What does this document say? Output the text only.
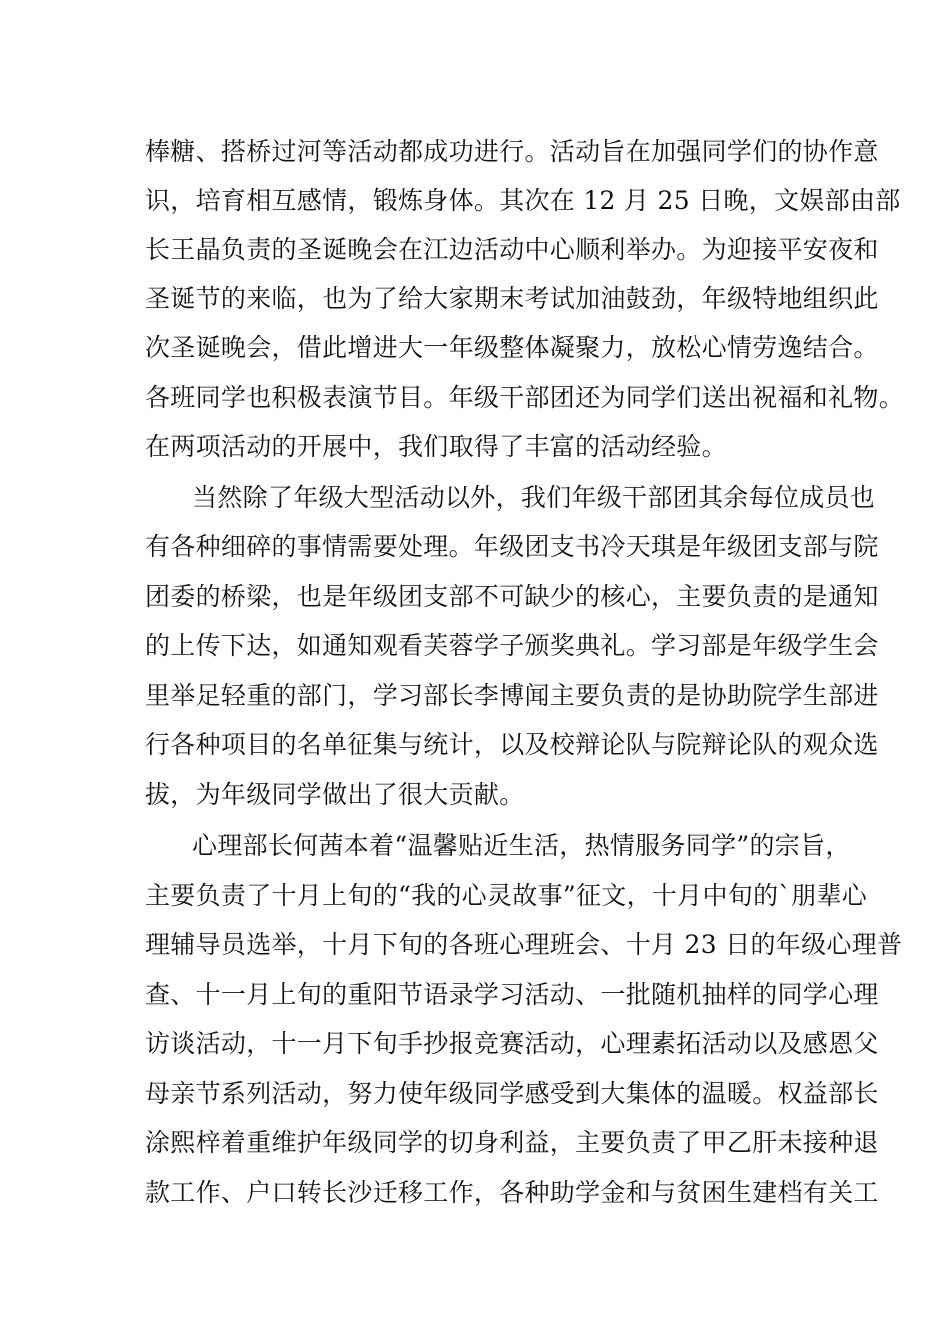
棒糖、搭桥过河等活动都成功进行。活动旨在加强同学们的协作意
识，培育相互感情，锻炼身体。其次在 12 月 25 日晚，文娱部由部
长王晶负责的圣诞晚会在江边活动中心顺利举办。为迎接平安夜和
圣诞节的来临，也为了给大家期末考试加油鼓劲，年级特地组织此
次圣诞晚会，借此增进大一年级整体凝聚力，放松心情劳逸结合。
各班同学也积极表演节目。年级干部团还为同学们送出祝福和礼物。
在两项活动的开展中，我们取得了丰富的活动经验。
当然除了年级大型活动以外，我们年级干部团其余每位成员也
有各种细碎的事情需要处理。年级团支书冷天琪是年级团支部与院
团委的桥梁，也是年级团支部不可缺少的核心，主要负责的是通知
的上传下达，如通知观看芙蓉学子颁奖典礼。学习部是年级学生会
里举足轻重的部门，学习部长李博闻主要负责的是协助院学生部进
行各种项目的名单征集与统计，以及校辩论队与院辩论队的观众选
拔，为年级同学做出了很大贡献。
心理部长何茜本着“温馨贴近生活，热情服务同学”的宗旨，
主要负责了十月上旬的“我的心灵故事”征文，十月中旬的`朋辈心
理辅导员选举，十月下旬的各班心理班会、十月 23 日的年级心理普
查、十一月上旬的重阳节语录学习活动、一批随机抽样的同学心理
访谈活动，十一月下旬手抄报竞赛活动，心理素拓活动以及感恩父
母亲节系列活动，努力使年级同学感受到大集体的温暖。权益部长
涂熙梓着重维护年级同学的切身利益，主要负责了甲乙肝未接种退
款工作、户口转长沙迁移工作，各种助学金和与贫困生建档有关工
